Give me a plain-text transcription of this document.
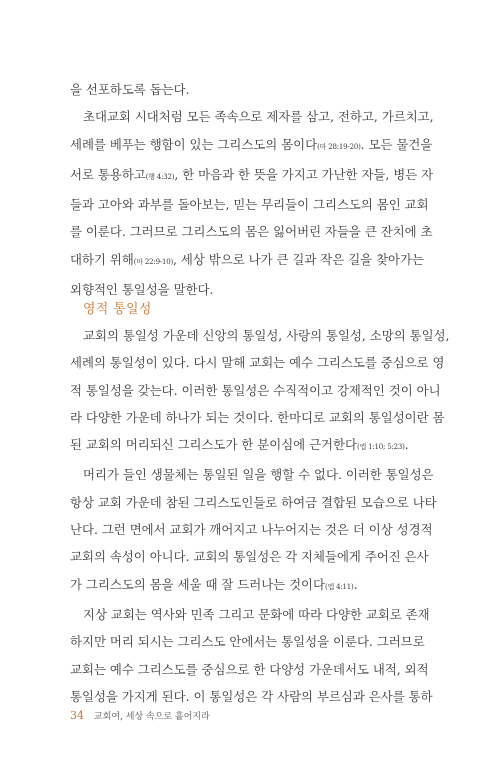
을 선포하도록 돕는다.
초대교회 시대처럼 모든 족속으로 제자를 삼고, 전하고, 가르치고,
세례를 베푸는 행함이 있는 그리스도의 몸이다(마 28:19-20). 모든 물건을
서로 통용하고(행 4:32), 한 마음과 한 뜻을 가지고 가난한 자들, 병든 자
들과 고아와 과부를 돌아보는, 믿는 무리들이 그리스도의 몸인 교회
를 이룬다. 그러므로 그리스도의 몸은 잃어버린 자들을 큰 잔치에 초
대하기 위해(마 22:9-10), 세상 밖으로 나가 큰 길과 작은 길을 찾아가는
외향적인 통일성을 말한다.
영적 통일성
교회의 통일성 가운데 신앙의 통일성, 사랑의 통일성, 소망의 통일성,
세례의 통일성이 있다. 다시 말해 교회는 예수 그리스도를 중심으로 영
적 통일성을 갖는다. 이러한 통일성은 수직적이고 강제적인 것이 아니
라 다양한 가운데 하나가 되는 것이다. 한마디로 교회의 통일성이란 몸
된 교회의 머리되신 그리스도가 한 분이심에 근거한다(엡 1:10; 5:23).
머리가 들인 생물체는 통일된 일을 행할 수 없다. 이러한 통일성은
항상 교회 가운데 참된 그리스도인들로 하여금 결합된 모습으로 나타
난다. 그런 면에서 교회가 깨어지고 나누어지는 것은 더 이상 성경적
교회의 속성이 아니다. 교회의 통일성은 각 지체들에게 주어진 은사
가 그리스도의 몸을 세울 때 잘 드러나는 것이다(엡 4:11).
지상 교회는 역사와 민족 그리고 문화에 따라 다양한 교회로 존재
하지만 머리 되시는 그리스도 안에서는 통일성을 이룬다. 그러므로
교회는 예수 그리스도를 중심으로 한 다양성 가운데서도 내적, 외적
통일성을 가지게 된다. 이 통일성은 각 사람의 부르심과 은사를 통하
34 교회여, 세상 속으로 흩어지라
